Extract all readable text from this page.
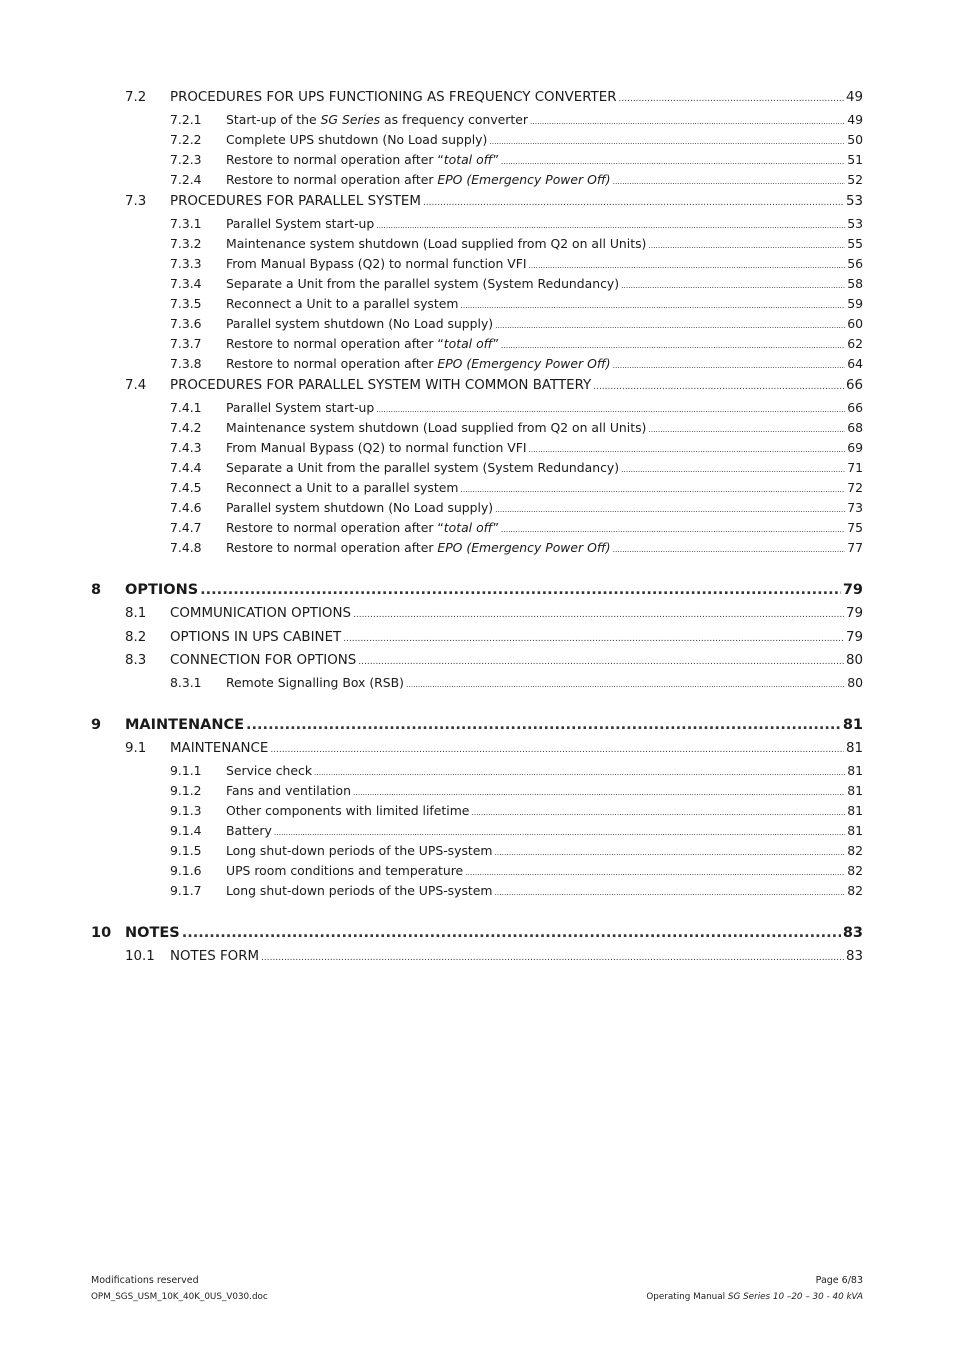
7.2 PROCEDURES FOR UPS FUNCTIONING AS FREQUENCY CONVERTER .....	49
7.2.1 Start-up of the SG Series as frequency converter .....	49
7.2.2 Complete UPS shutdown (No Load supply) .....	50
7.2.3 Restore to normal operation after “total off” .....	51
7.2.4 Restore to normal operation after EPO (Emergency Power Off) .....	52
7.3 PROCEDURES FOR PARALLEL SYSTEM .....	53
7.3.1 Parallel System start-up .....	53
7.3.2 Maintenance system shutdown (Load supplied from Q2 on all Units) .....	55
7.3.3 From Manual Bypass (Q2) to normal function VFI .....	56
7.3.4 Separate a Unit from the parallel system (System Redundancy) .....	58
7.3.5 Reconnect a Unit to a parallel system .....	59
7.3.6 Parallel system shutdown (No Load supply) .....	60
7.3.7 Restore to normal operation after “total off” .....	62
7.3.8 Restore to normal operation after EPO (Emergency Power Off) .....	64
7.4 PROCEDURES FOR PARALLEL SYSTEM WITH COMMON BATTERY .....	66
7.4.1 Parallel System start-up .....	66
7.4.2 Maintenance system shutdown (Load supplied from Q2 on all Units) .....	68
7.4.3 From Manual Bypass (Q2) to normal function VFI .....	69
7.4.4 Separate a Unit from the parallel system (System Redundancy) .....	71
7.4.5 Reconnect a Unit to a parallel system .....	72
7.4.6 Parallel system shutdown (No Load supply) .....	73
7.4.7 Restore to normal operation after “total off” .....	75
7.4.8 Restore to normal operation after EPO (Emergency Power Off) .....	77
8 OPTIONS .....	79
8.1 COMMUNICATION OPTIONS .....	79
8.2 OPTIONS IN UPS CABINET .....	79
8.3 CONNECTION FOR OPTIONS .....	80
8.3.1 Remote Signalling Box (RSB) .....	80
9 MAINTENANCE .....	81
9.1 MAINTENANCE .....	81
9.1.1 Service check .....	81
9.1.2 Fans and ventilation .....	81
9.1.3 Other components with limited lifetime .....	81
9.1.4 Battery .....	81
9.1.5 Long shut-down periods of the UPS-system .....	82
9.1.6 UPS room conditions and temperature .....	82
9.1.7 Long shut-down periods of the UPS-system .....	82
10 NOTES .....	83
10.1 NOTES FORM .....	83
Modifications reserved
OPM_SGS_USM_10K_40K_0US_V030.doc
Page 6/83
Operating Manual SG Series 10 –20 – 30 - 40 kVA
